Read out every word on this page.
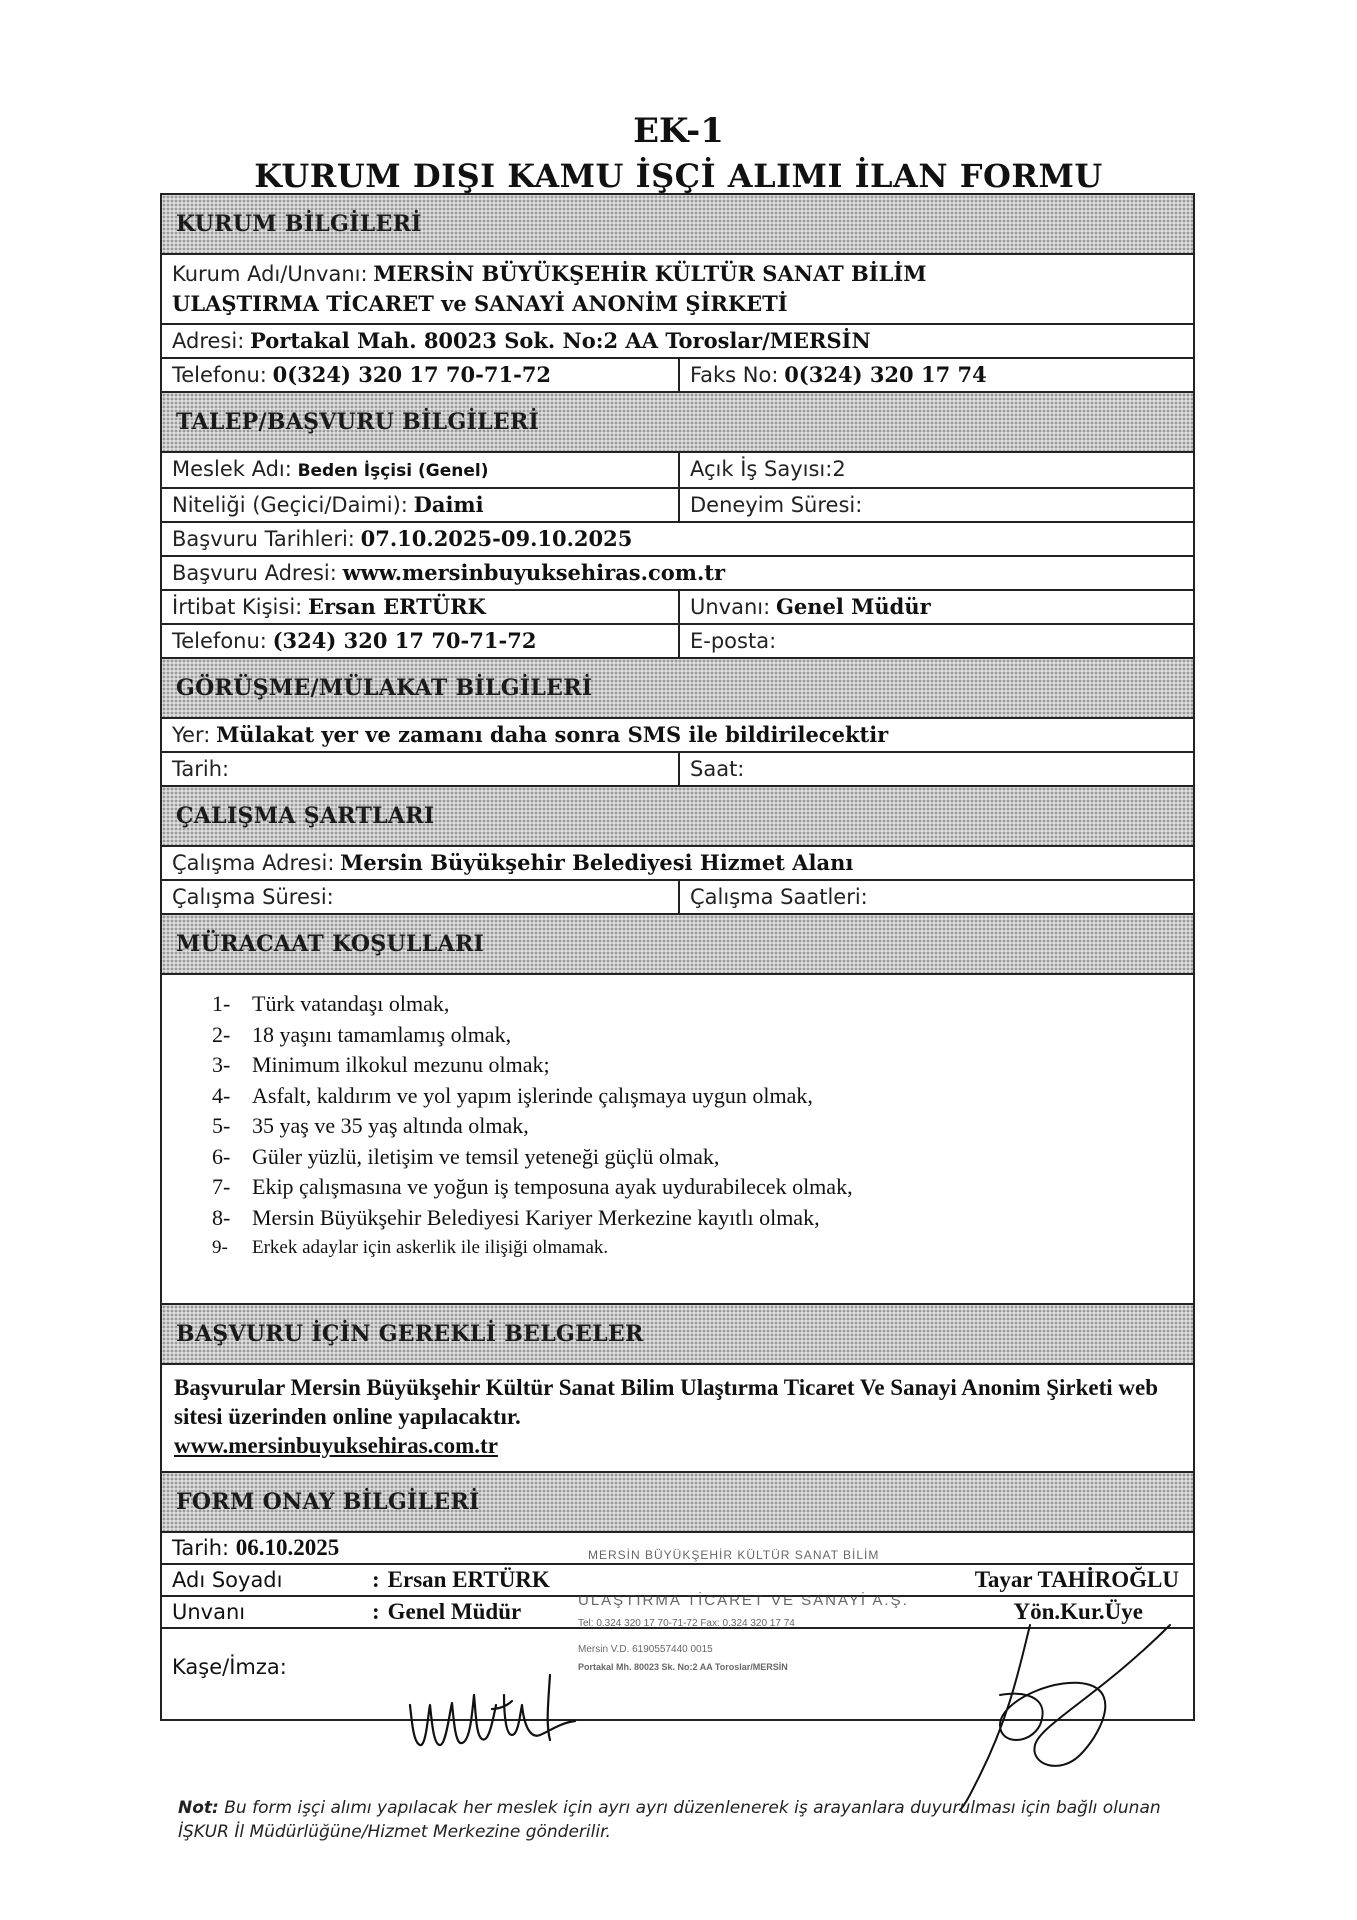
EK-1
KURUM DIŞI KAMU İŞÇİ ALIMI İLAN FORMU
KURUM BİLGİLERİ
Kurum Adı/Unvanı: MERSİN BÜYÜKŞEHİR KÜLTÜR SANAT BİLİM
ULAŞTIRMA TİCARET ve SANAYİ ANONİM ŞİRKETİ
Adresi: Portakal Mah. 80023 Sok. No:2 AA Toroslar/MERSİN
Telefonu: 0(324) 320 17 70-71-72	Faks No: 0(324) 320 17 74
TALEP/BAŞVURU BİLGİLERİ
Meslek Adı: Beden İşçisi (Genel)	Açık İş Sayısı:2
Niteliği (Geçici/Daimi): Daimi	Deneyim Süresi:
Başvuru Tarihleri: 07.10.2025-09.10.2025
Başvuru Adresi: www.mersinbuyuksehiras.com.tr
İrtibat Kişisi: Ersan ERTÜRK	Unvanı: Genel Müdür
Telefonu: (324) 320 17 70-71-72	E-posta:
GÖRÜŞME/MÜLAKAT BİLGİLERİ
Yer: Mülakat yer ve zamanı daha sonra SMS ile bildirilecektir
Tarih:	Saat:
ÇALIŞMA ŞARTLARI
Çalışma Adresi: Mersin Büyükşehir Belediyesi Hizmet Alanı
Çalışma Süresi:	Çalışma Saatleri:
MÜRACAAT KOŞULLARI
1- Türk vatandaşı olmak,
2- 18 yaşını tamamlamış olmak,
3- Minimum ilkokul mezunu olmak;
4- Asfalt, kaldırım ve yol yapım işlerinde çalışmaya uygun olmak,
5- 35 yaş ve 35 yaş altında olmak,
6- Güler yüzlü, iletişim ve temsil yeteneği güçlü olmak,
7- Ekip çalışmasına ve yoğun iş temposuna ayak uydurabilecek olmak,
8- Mersin Büyükşehir Belediyesi Kariyer Merkezine kayıtlı olmak,
9-	Erkek adaylar için askerlik ile ilişiği olmamak.
BAŞVURU İÇİN GEREKLİ BELGELER
Başvurular Mersin Büyükşehir Kültür Sanat Bilim Ulaştırma Ticaret Ve Sanayi Anonim Şirketi web sitesi üzerinden online yapılacaktır.
www.mersinbuyuksehiras.com.tr
FORM ONAY BİLGİLERİ
Tarih: 06.10.2025
Adı Soyadı	: Ersan ERTÜRK	Tayar TAHİROĞLU
Unvanı	: Genel Müdür	Yön.Kur.Üye
Kaşe/İmza:
MERSİN BÜYÜKŞEHİR KÜLTÜR SANAT BİLİM
ULAŞTIRMA TİCARET VE SANAYİ A.Ş.
Tel: 0.324 320 17 70-71-72 Fax: 0.324 320 17 74
Mersin V.D. 6190557440 0015
Portakal Mh. 80023 Sk. No:2 AA Toroslar/MERSİN
Not: Bu form işçi alımı yapılacak her meslek için ayrı ayrı düzenlenerek iş arayanlara duyurulması için bağlı olunan İŞKUR İl Müdürlüğüne/Hizmet Merkezine gönderilir.
